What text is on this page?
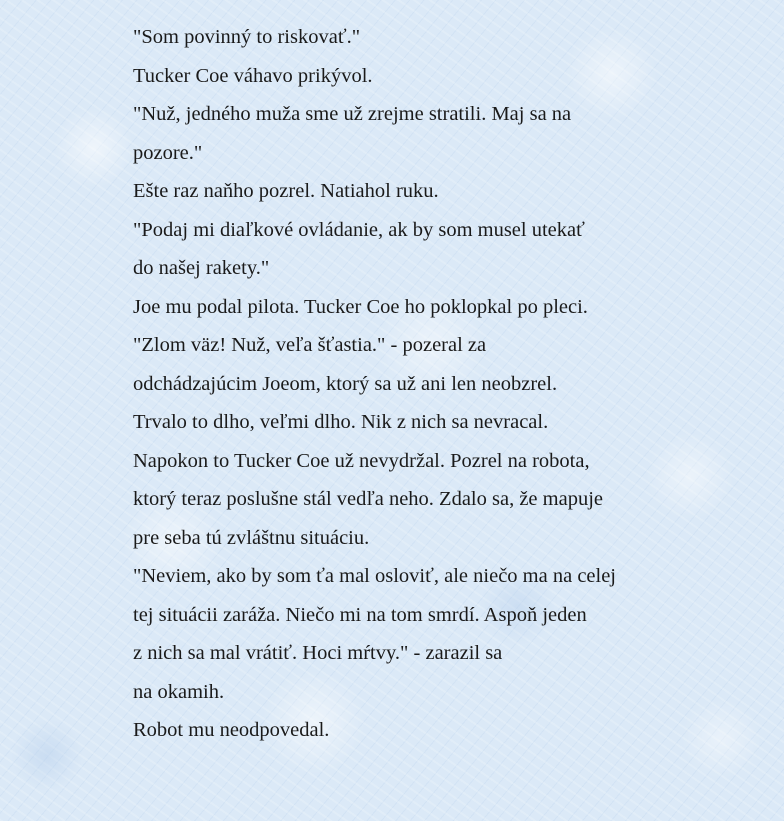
"Som povinný to riskovať."
Tucker Coe váhavo prikývol.
"Nuž, jedného muža sme už zrejme stratili. Maj sa na
pozore."
Ešte raz naňho pozrel. Natiahol ruku.
"Podaj mi diaľkové ovládanie, ak by som musel utekať
do našej rakety."
Joe mu podal pilota. Tucker Coe ho poklopkal po pleci.
"Zlom väz! Nuž, veľa šťastia." - pozeral za
odchádzajúcim Joeom, ktorý sa už ani len neobzrel.
Trvalo to dlho, veľmi dlho. Nik z nich sa nevracal.
Napokon to Tucker Coe už nevydržal. Pozrel na robota,
ktorý teraz poslušne stál vedľa neho. Zdalo sa, že mapuje
pre seba tú zvláštnu situáciu.
"Neviem, ako by som ťa mal osloviť, ale niečo ma na celej
tej situácii zaráža. Niečo mi na tom smrdí. Aspoň jeden
z nich sa mal vrátiť. Hoci mŕtvy." - zarazil sa
na okamih.
Robot mu neodpovedal.
